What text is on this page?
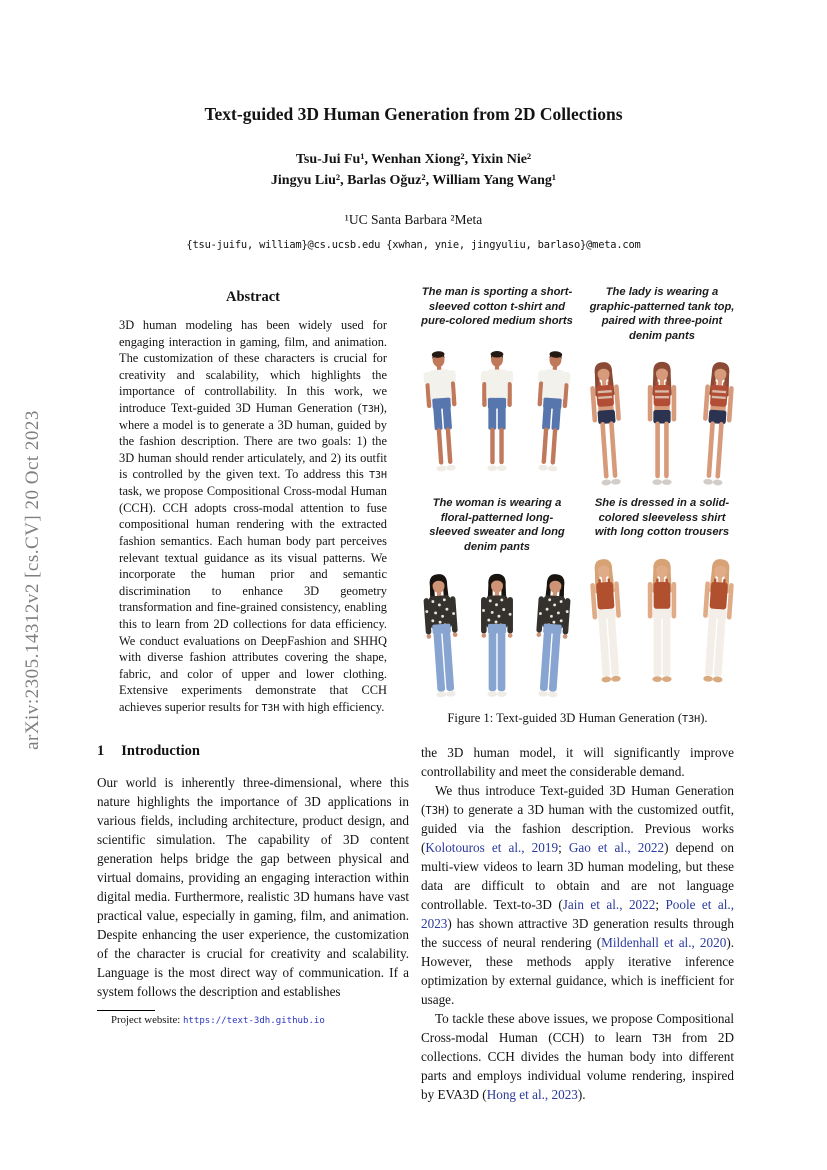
arXiv:2305.14312v2 [cs.CV] 20 Oct 2023
Text-guided 3D Human Generation from 2D Collections
Tsu-Jui Fu¹, Wenhan Xiong², Yixin Nie²
Jingyu Liu², Barlas Oğuz², William Yang Wang¹
¹UC Santa Barbara ²Meta
{tsu-juifu, william}@cs.ucsb.edu {xwhan, ynie, jingyuliu, barlaso}@meta.com
Abstract

3D human modeling has been widely used for engaging interaction in gaming, film, and animation. The customization of these characters is crucial for creativity and scalability, which highlights the importance of controllability. In this work, we introduce Text-guided 3D Human Generation (T3H), where a model is to generate a 3D human, guided by the fashion description. There are two goals: 1) the 3D human should render articulately, and 2) its outfit is controlled by the given text. To address this T3H task, we propose Compositional Cross-modal Human (CCH). CCH adopts cross-modal attention to fuse compositional human rendering with the extracted fashion semantics. Each human body part perceives relevant textual guidance as its visual patterns. We incorporate the human prior and semantic discrimination to enhance 3D geometry transformation and fine-grained consistency, enabling this to learn from 2D collections for data efficiency. We conduct evaluations on DeepFashion and SHHQ with diverse fashion attributes covering the shape, fabric, and color of upper and lower clothing. Extensive experiments demonstrate that CCH achieves superior results for T3H with high efficiency.

1 Introduction

Our world is inherently three-dimensional, where this nature highlights the importance of 3D applications in various fields, including architecture, product design, and scientific simulation. The capability of 3D content generation helps bridge the gap between physical and virtual domains, providing an engaging interaction within digital media. Furthermore, realistic 3D humans have vast practical value, especially in gaming, film, and animation. Despite enhancing the user experience, the customization of the character is crucial for creativity and scalability. Language is the most direct way of communication. If a system follows the description and establishes

Project website: https://text-3dh.github.io

The man is sporting a short-sleeved cotton t-shirt and pure-colored medium shorts

The lady is wearing a graphic-patterned tank top, paired with three-point denim pants

The woman is wearing a floral-patterned long-sleeved sweater and long denim pants

She is dressed in a solid-colored sleeveless shirt with long cotton trousers

Figure 1: Text-guided 3D Human Generation (T3H).

the 3D human model, it will significantly improve controllability and meet the considerable demand.

We thus introduce Text-guided 3D Human Generation (T3H) to generate a 3D human with the customized outfit, guided via the fashion description. Previous works (Kolotouros et al., 2019; Gao et al., 2022) depend on multi-view videos to learn 3D human modeling, but these data are difficult to obtain and are not language controllable. Text-to-3D (Jain et al., 2022; Poole et al., 2023) has shown attractive 3D generation results through the success of neural rendering (Mildenhall et al., 2020). However, these methods apply iterative inference optimization by external guidance, which is inefficient for usage.

To tackle these above issues, we propose Compositional Cross-modal Human (CCH) to learn T3H from 2D collections. CCH divides the human body into different parts and employs individual volume rendering, inspired by EVA3D (Hong et al., 2023).
